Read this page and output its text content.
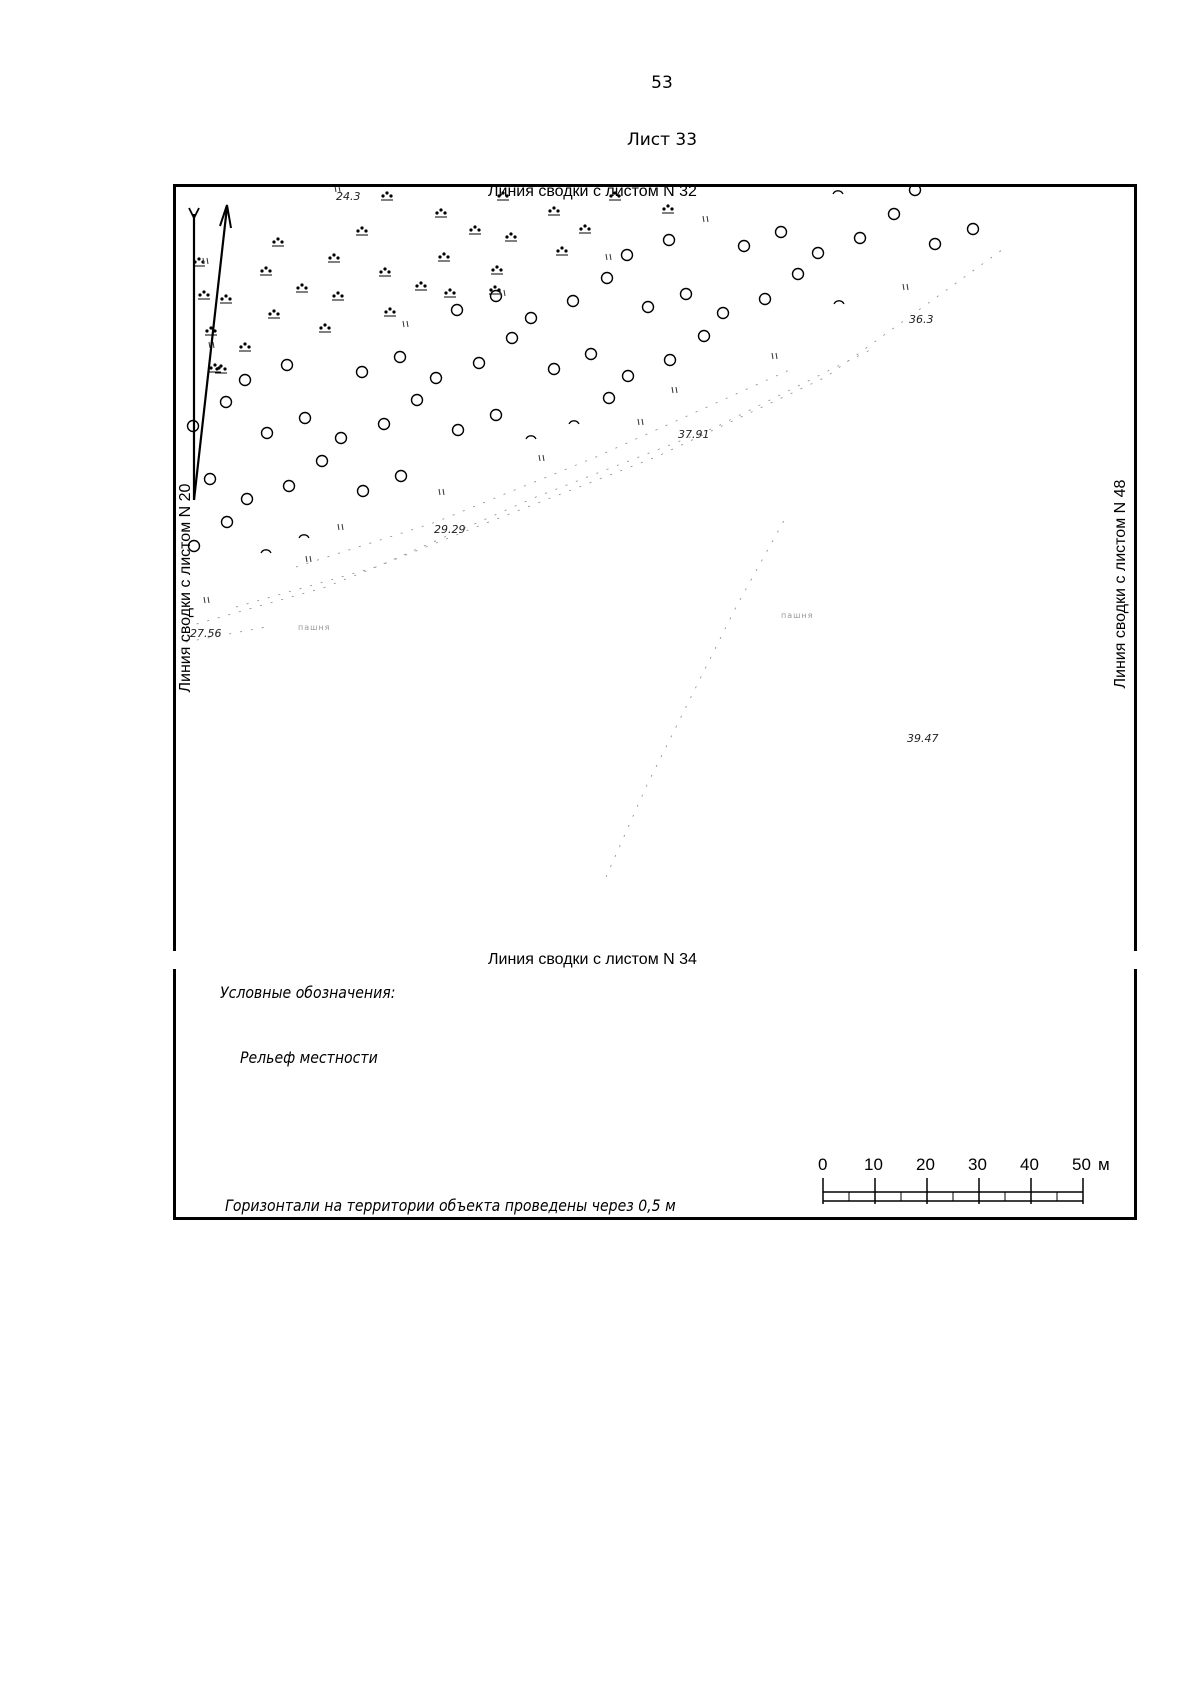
53
Лист 33
24.3
36.3
37.91
29.29
27.56
39.47
пашня
пашня
Линия сводки с листом N 32
Линия сводки с листом N 34
Линия сводки с листом N 20	Линия сводки с листом N 48
Условные обозначения:
Рельеф местности
Горизонтали на территории объекта проведены через 0,5 м
0 10 20 30 40 50 м
